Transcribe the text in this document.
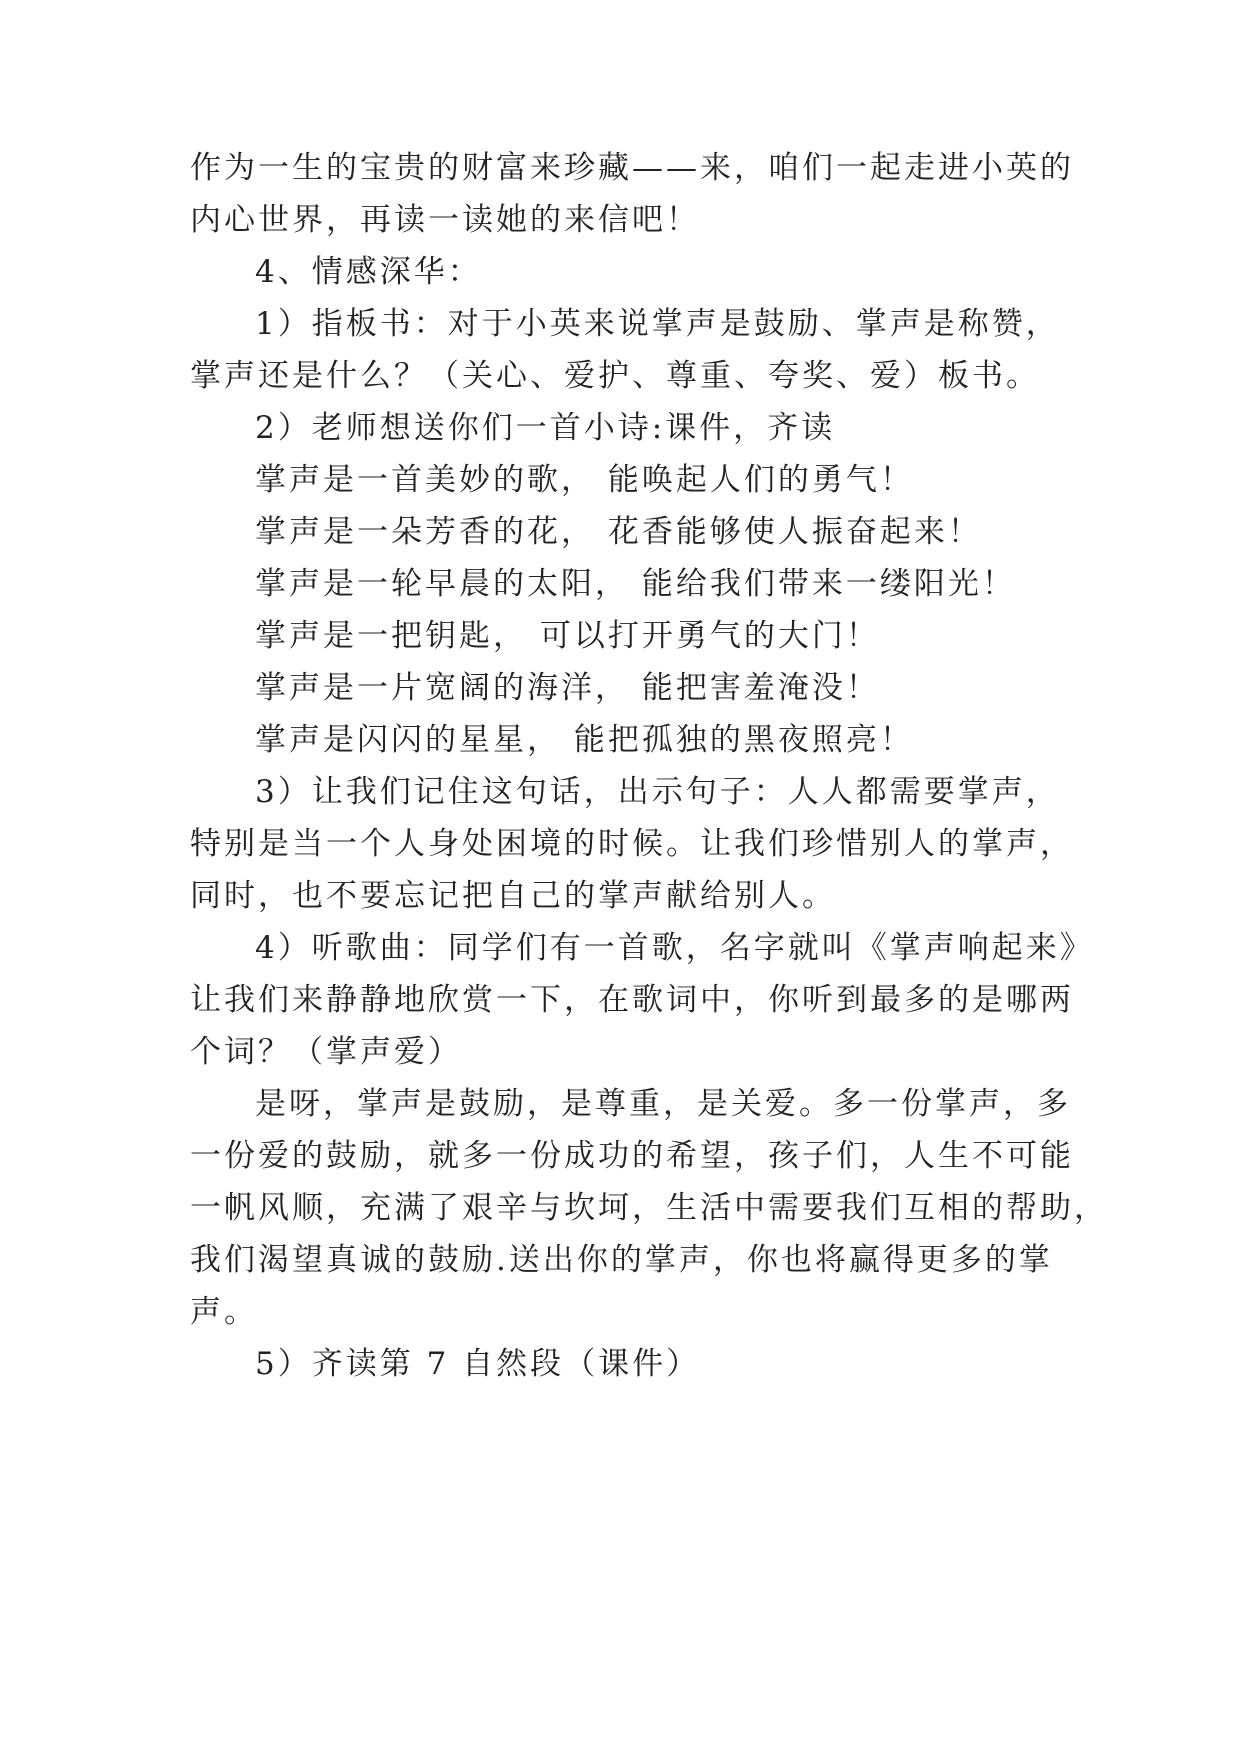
作为一生的宝贵的财富来珍藏——来，咱们一起走进小英的
内心世界，再读一读她的来信吧！
4、情感深华：
1）指板书：对于小英来说掌声是鼓励、掌声是称赞，
掌声还是什么？（关心、爱护、尊重、夸奖、爱）板书。
2）老师想送你们一首小诗:课件，齐读
掌声是一首美妙的歌， 能唤起人们的勇气！
掌声是一朵芳香的花， 花香能够使人振奋起来！
掌声是一轮早晨的太阳， 能给我们带来一缕阳光！
掌声是一把钥匙， 可以打开勇气的大门！
掌声是一片宽阔的海洋， 能把害羞淹没！
掌声是闪闪的星星， 能把孤独的黑夜照亮！
3）让我们记住这句话，出示句子：人人都需要掌声，
特别是当一个人身处困境的时候。让我们珍惜别人的掌声，
同时，也不要忘记把自己的掌声献给别人。
4）听歌曲：同学们有一首歌，名字就叫《掌声响起来》
让我们来静静地欣赏一下，在歌词中，你听到最多的是哪两
个词？（掌声爱）
是呀，掌声是鼓励，是尊重，是关爱。多一份掌声，多
一份爱的鼓励，就多一份成功的希望，孩子们，人生不可能
一帆风顺，充满了艰辛与坎坷，生活中需要我们互相的帮助，
我们渴望真诚的鼓励.送出你的掌声，你也将赢得更多的掌
声。
5）齐读第 7 自然段（课件）
